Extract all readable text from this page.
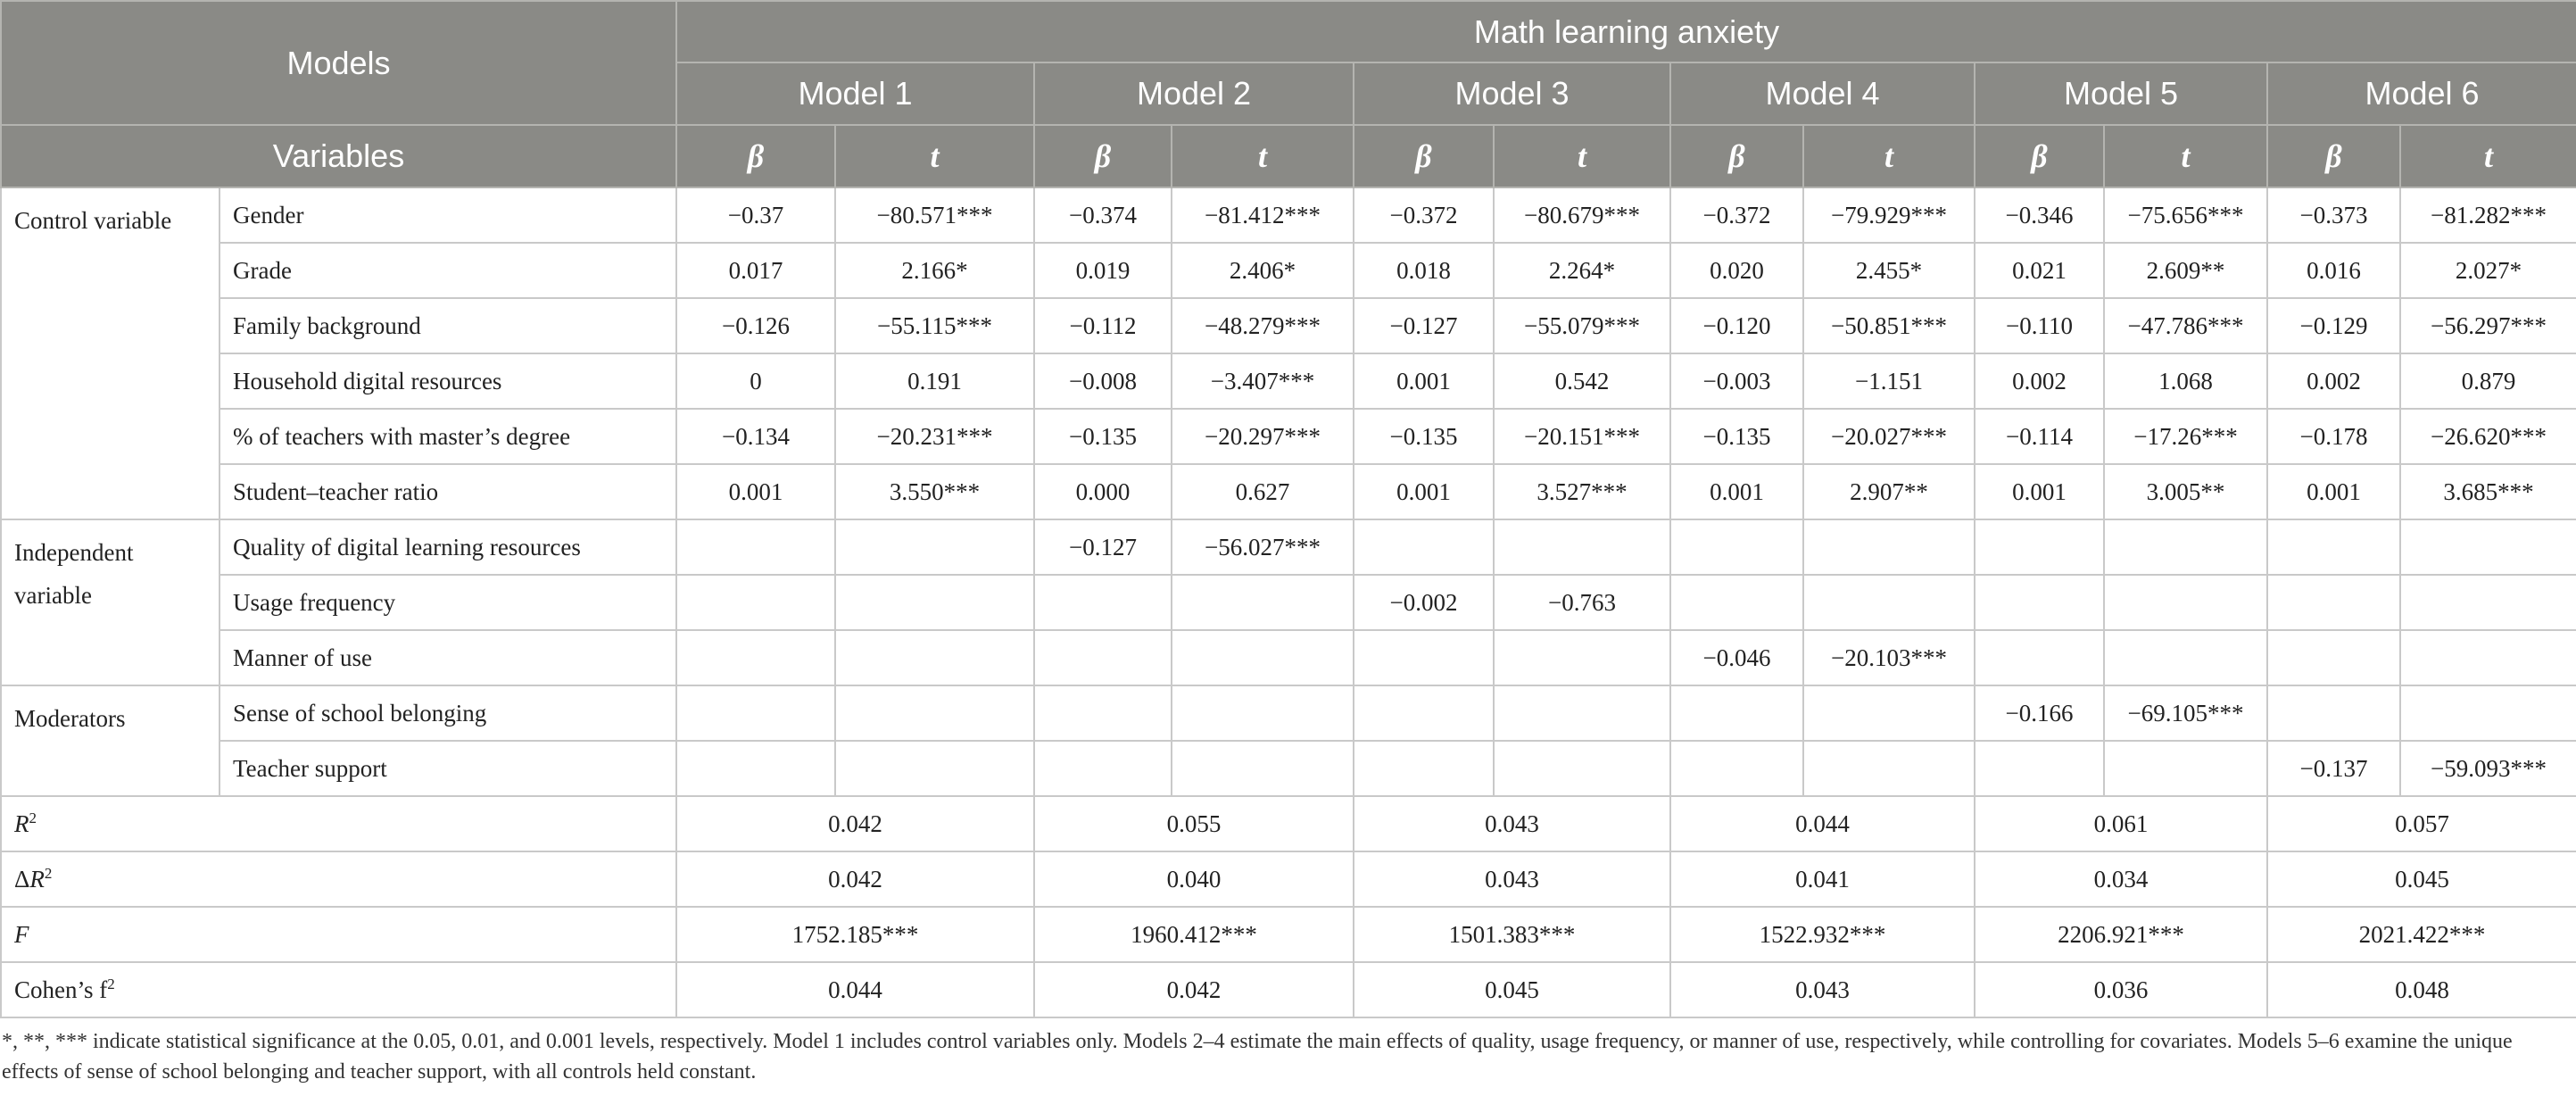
Models		Math learning anxiety											
		Model 1		Model 2		Model 3		Model 4		Model 5		Model 6	
Variables		β	t	β	t	β	t	β	t	β	t	β	t
Control variable	Gender	−0.37	−80.571***	−0.374	−81.412***	−0.372	−80.679***	−0.372	−79.929***	−0.346	−75.656***	−0.373	−81.282***
	Grade	0.017	2.166*	0.019	2.406*	0.018	2.264*	0.020	2.455*	0.021	2.609**	0.016	2.027*
	Family background	−0.126	−55.115***	−0.112	−48.279***	−0.127	−55.079***	−0.120	−50.851***	−0.110	−47.786***	−0.129	−56.297***
	Household digital resources	0	0.191	−0.008	−3.407***	0.001	0.542	−0.003	−1.151	0.002	1.068	0.002	0.879
	% of teachers with master’s degree	−0.134	−20.231***	−0.135	−20.297***	−0.135	−20.151***	−0.135	−20.027***	−0.114	−17.26***	−0.178	−26.620***
	Student–teacher ratio	0.001	3.550***	0.000	0.627	0.001	3.527***	0.001	2.907**	0.001	3.005**	0.001	3.685***
Independent variable	Quality of digital learning resources			−0.127	−56.027***								
	Usage frequency					−0.002	−0.763						
	Manner of use							−0.046	−20.103***				
Moderators	Sense of school belonging									−0.166	−69.105***		
	Teacher support											−0.137	−59.093***
$R^2$		0.042		0.055		0.043		0.044		0.061		0.057	
$\Delta R^2$		0.042		0.040		0.043		0.041		0.034		0.045	
F		1752.185***		1960.412***		1501.383***		1522.932***		2206.921***		2021.422***	
Cohen’s $f^2$		0.044		0.042		0.045		0.043		0.036		0.048	

*, **, *** indicate statistical significance at the 0.05, 0.01, and 0.001 levels, respectively. Model 1 includes control variables only. Models 2–4 estimate the main effects of quality, usage frequency, or manner of use, respectively, while controlling for covariates. Models 5–6 examine the unique effects of sense of school belonging and teacher support, with all controls held constant.
